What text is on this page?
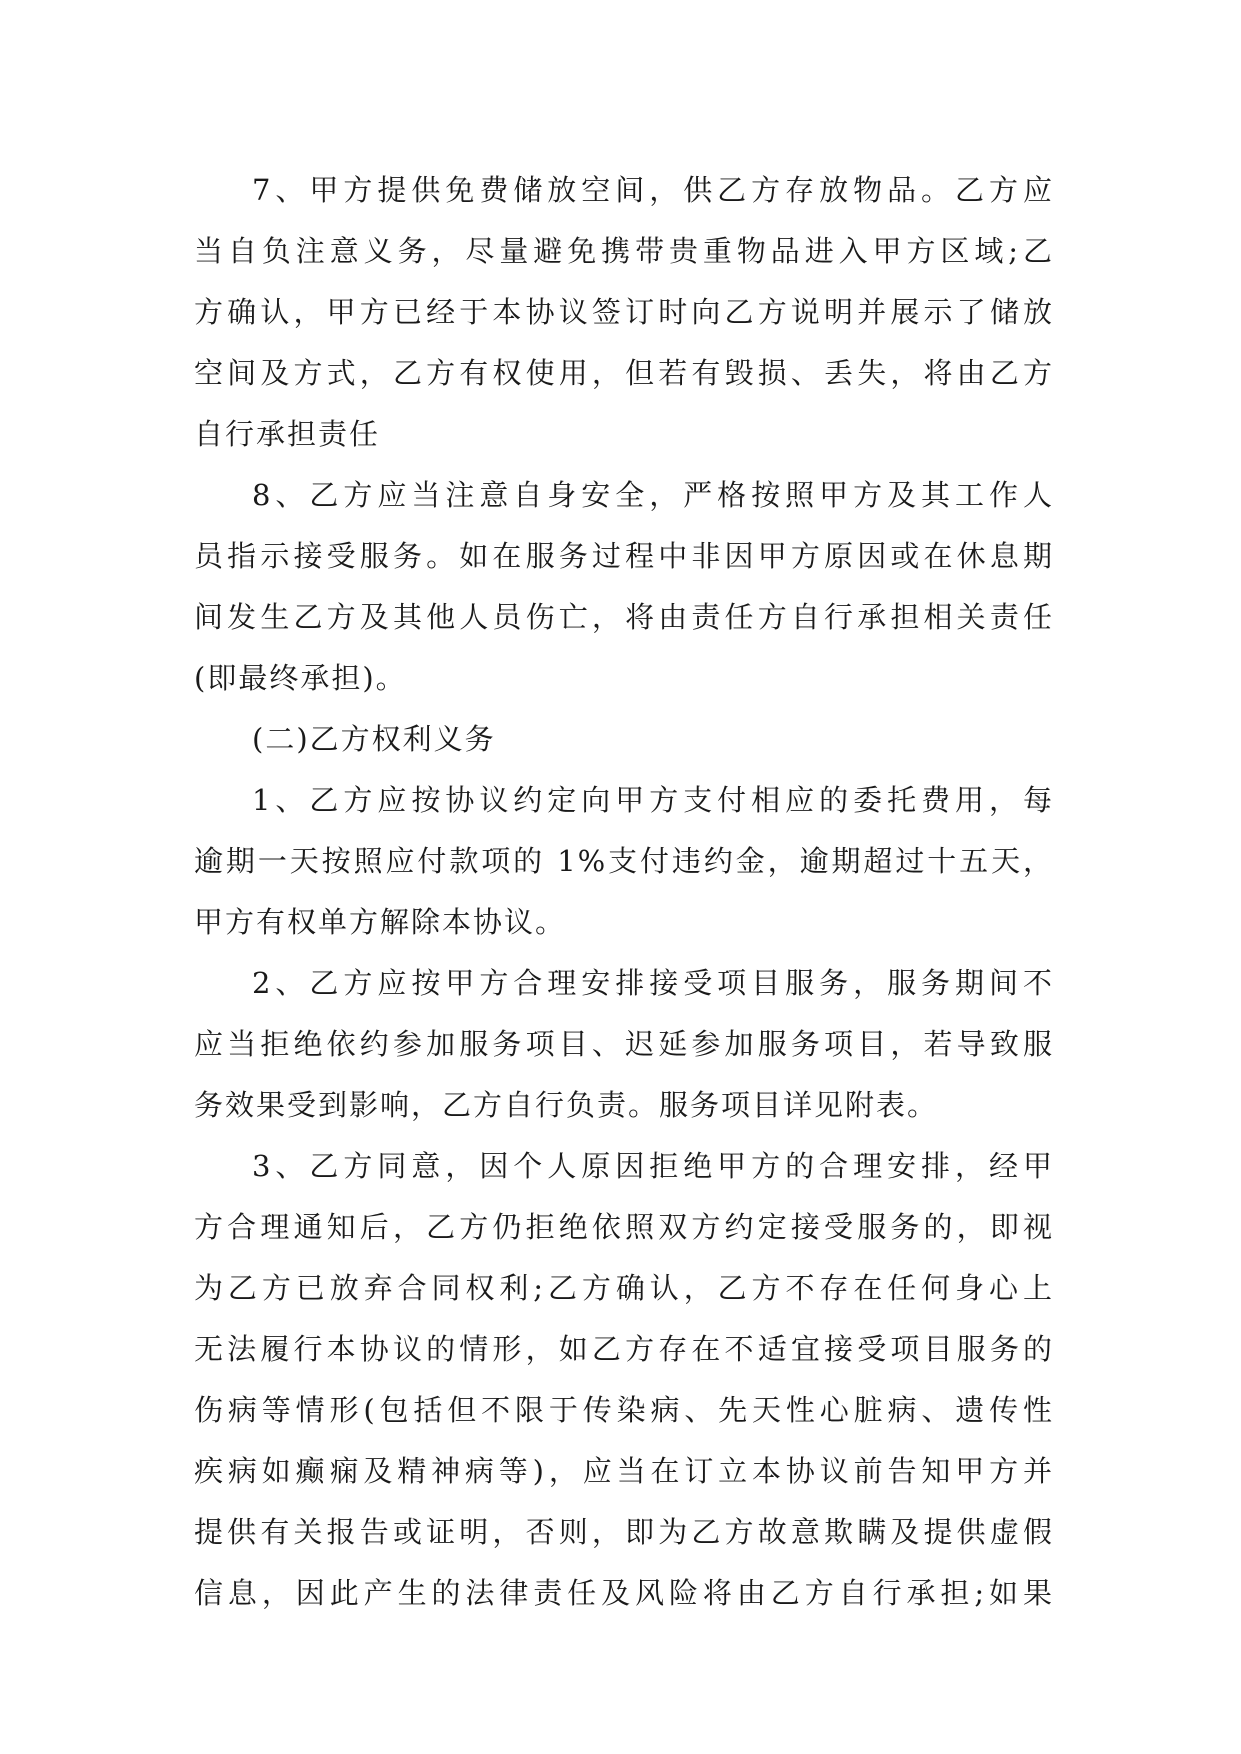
7、甲方提供免费储放空间，供乙方存放物品。乙方应
当自负注意义务，尽量避免携带贵重物品进入甲方区域;乙
方确认，甲方已经于本协议签订时向乙方说明并展示了储放
空间及方式，乙方有权使用，但若有毁损、丢失，将由乙方
自行承担责任
8、乙方应当注意自身安全，严格按照甲方及其工作人
员指示接受服务。如在服务过程中非因甲方原因或在休息期
间发生乙方及其他人员伤亡，将由责任方自行承担相关责任
(即最终承担)。
(二)乙方权利义务
1、乙方应按协议约定向甲方支付相应的委托费用，每
逾期一天按照应付款项的 1%支付违约金，逾期超过十五天，
甲方有权单方解除本协议。
2、乙方应按甲方合理安排接受项目服务，服务期间不
应当拒绝依约参加服务项目、迟延参加服务项目，若导致服
务效果受到影响，乙方自行负责。服务项目详见附表。
3、乙方同意，因个人原因拒绝甲方的合理安排，经甲
方合理通知后，乙方仍拒绝依照双方约定接受服务的，即视
为乙方已放弃合同权利;乙方确认，乙方不存在任何身心上
无法履行本协议的情形，如乙方存在不适宜接受项目服务的
伤病等情形(包括但不限于传染病、先天性心脏病、遗传性
疾病如癫痫及精神病等)，应当在订立本协议前告知甲方并
提供有关报告或证明，否则，即为乙方故意欺瞒及提供虚假
信息，因此产生的法律责任及风险将由乙方自行承担;如果
